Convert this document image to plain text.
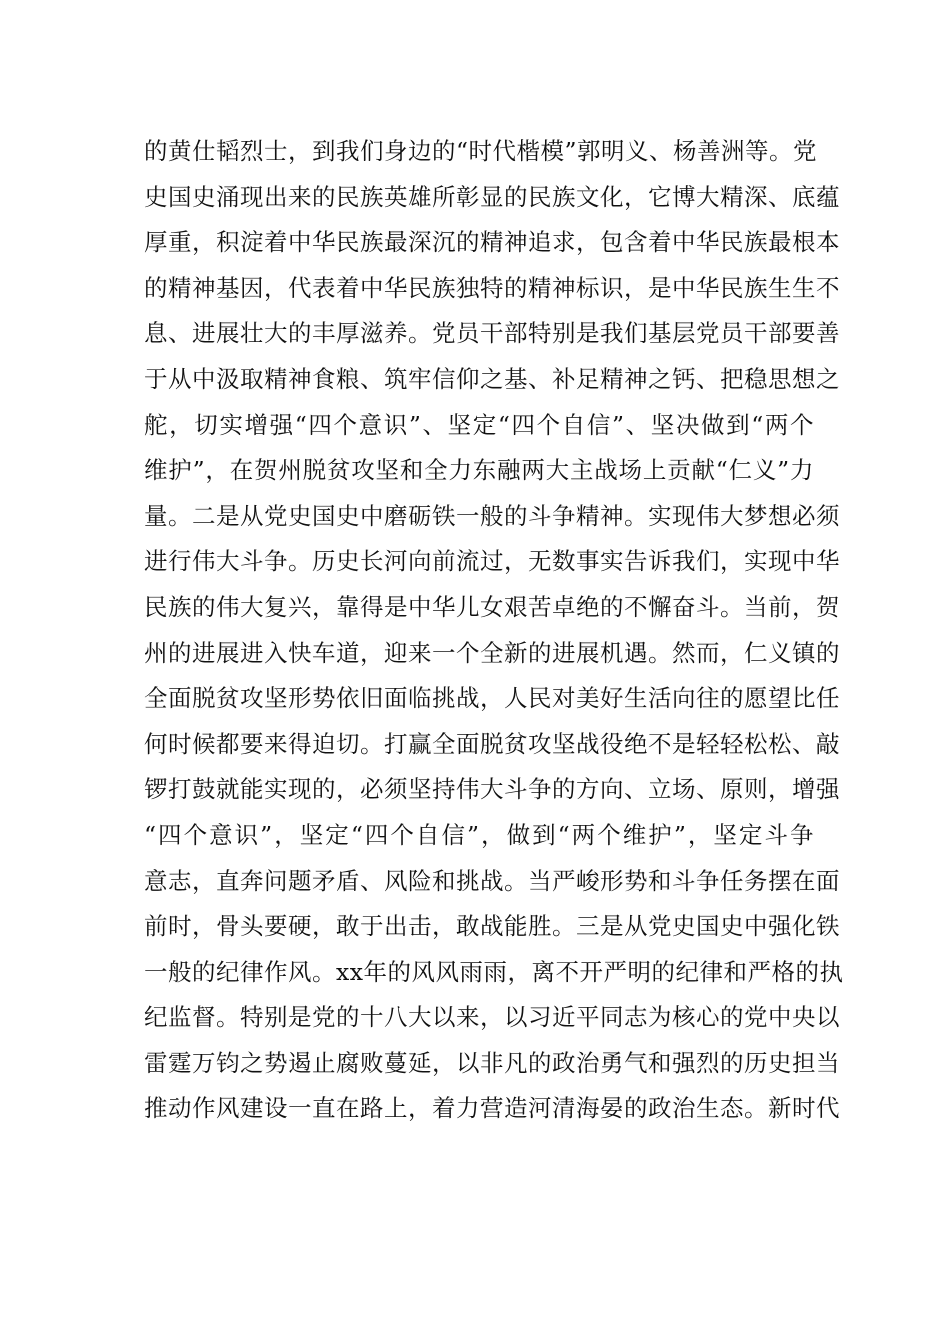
的黄仕韬烈士，到我们身边的“时代楷模”郭明义、杨善洲等。党
史国史涌现出来的民族英雄所彰显的民族文化，它博大精深、底蕴
厚重，积淀着中华民族最深沉的精神追求，包含着中华民族最根本
的精神基因，代表着中华民族独特的精神标识，是中华民族生生不
息、进展壮大的丰厚滋养。党员干部特别是我们基层党员干部要善
于从中汲取精神食粮、筑牢信仰之基、补足精神之钙、把稳思想之
舵，切实增强“四个意识”、坚定“四个自信”、坚决做到“两个
维护”，在贺州脱贫攻坚和全力东融两大主战场上贡献“仁义”力
量。二是从党史国史中磨砺铁一般的斗争精神。实现伟大梦想必须
进行伟大斗争。历史长河向前流过，无数事实告诉我们，实现中华
民族的伟大复兴，靠得是中华儿女艰苦卓绝的不懈奋斗。当前，贺
州的进展进入快车道，迎来一个全新的进展机遇。然而，仁义镇的
全面脱贫攻坚形势依旧面临挑战，人民对美好生活向往的愿望比任
何时候都要来得迫切。打赢全面脱贫攻坚战役绝不是轻轻松松、敲
锣打鼓就能实现的，必须坚持伟大斗争的方向、立场、原则，增强
“四个意识”，坚定“四个自信”，做到“两个维护”，坚定斗争
意志，直奔问题矛盾、风险和挑战。当严峻形势和斗争任务摆在面
前时，骨头要硬，敢于出击，敢战能胜。三是从党史国史中强化铁
一般的纪律作风。xx年的风风雨雨，离不开严明的纪律和严格的执
纪监督。特别是党的十八大以来，以习近平同志为核心的党中央以
雷霆万钧之势遏止腐败蔓延，以非凡的政治勇气和强烈的历史担当
推动作风建设一直在路上，着力营造河清海晏的政治生态。新时代
